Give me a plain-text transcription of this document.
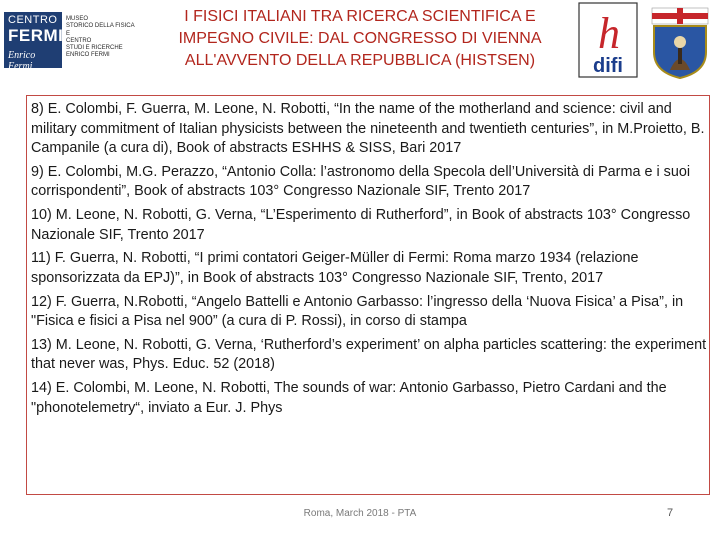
CENTRO
FERMI
Enrico Fermi
MUSEO
STORICO DELLA FISICA
E
CENTRO
STUDI E RICERCHE
ENRICO FERMI
I FISICI ITALIANI TRA RICERCA SCIENTIFICA E
IMPEGNO CIVILE: DAL CONGRESSO DI VIENNA
ALL'AVVENTO DELLA REPUBBLICA (HISTSEN)
h
difi

8) E. Colombi, F. Guerra, M. Leone, N. Robotti, “In the name of the motherland and science: civil and military commitment of Italian physicists between the nineteenth and twentieth centuries”, in M.Proietto, B. Campanile (a cura di), Book of abstracts ESHHS & SISS, Bari 2017

9) E. Colombi, M.G. Perazzo, “Antonio Colla: l’astronomo della Specola dell’Università di Parma e i suoi corrispondenti”, Book of abstracts 103° Congresso Nazionale SIF, Trento 2017

10) M. Leone, N. Robotti, G. Verna, “L’Esperimento di Rutherford”, in Book of abstracts 103° Congresso Nazionale SIF, Trento 2017

11) F. Guerra, N. Robotti, “I primi contatori Geiger-Müller di Fermi: Roma marzo 1934 (relazione sponsorizzata da EPJ)”, in Book of abstracts 103° Congresso Nazionale SIF, Trento, 2017

12) F. Guerra, N.Robotti, “Angelo Battelli e Antonio Garbasso: l’ingresso della ‘Nuova Fisica’ a Pisa”, in "Fisica e fisici a Pisa nel 900” (a cura di P. Rossi), in corso di stampa

13) M. Leone, N. Robotti, G. Verna, ‘Rutherford’s experiment’ on alpha particles scattering: the experiment that never was, Phys. Educ. 52 (2018)

14) E. Colombi, M. Leone, N. Robotti, The sounds of war: Antonio Garbasso, Pietro Cardani and the "phonotelemetry“, inviato a Eur. J. Phys

Roma, March 2018 - PTA	7
